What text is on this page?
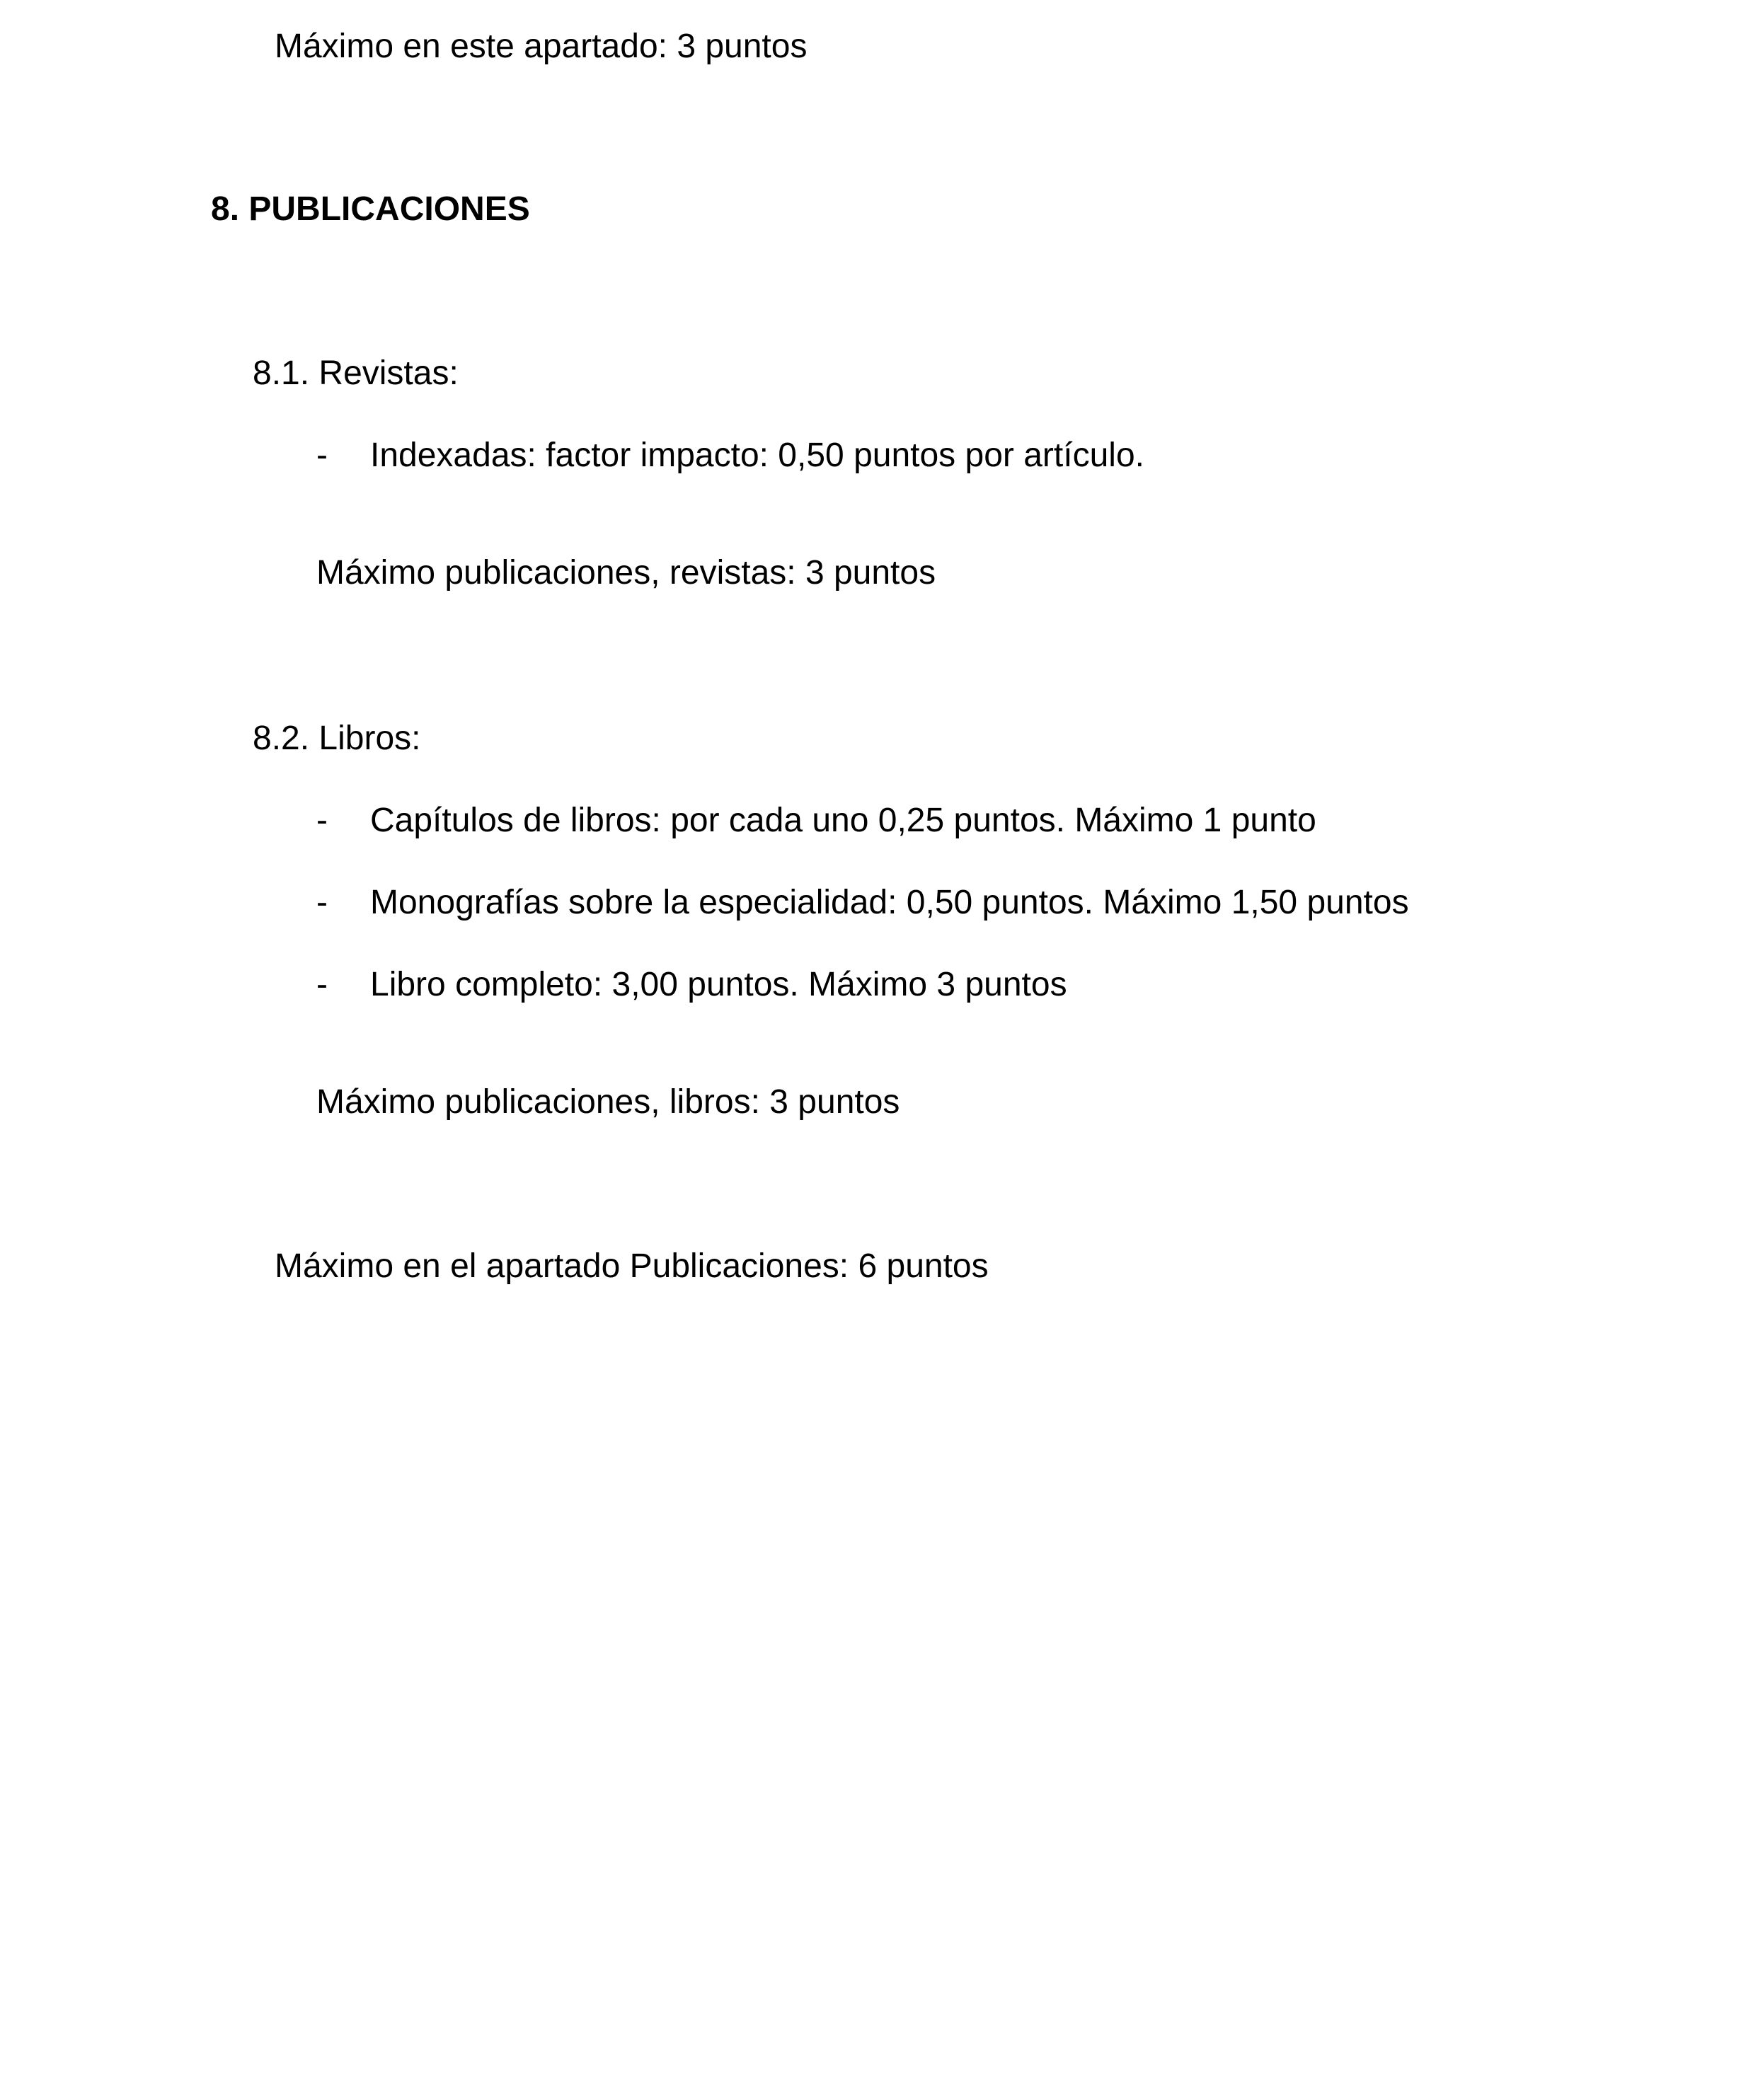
Máximo en este apartado: 3 puntos
8. PUBLICACIONES
8.1. Revistas:
- Indexadas: factor impacto: 0,50 puntos por artículo.
Máximo publicaciones, revistas: 3 puntos
8.2. Libros:
- Capítulos de libros: por cada uno 0,25 puntos. Máximo 1 punto
- Monografías sobre la especialidad: 0,50 puntos. Máximo 1,50 puntos
- Libro completo: 3,00 puntos. Máximo 3 puntos
Máximo publicaciones, libros: 3 puntos
Máximo en el apartado Publicaciones: 6 puntos
